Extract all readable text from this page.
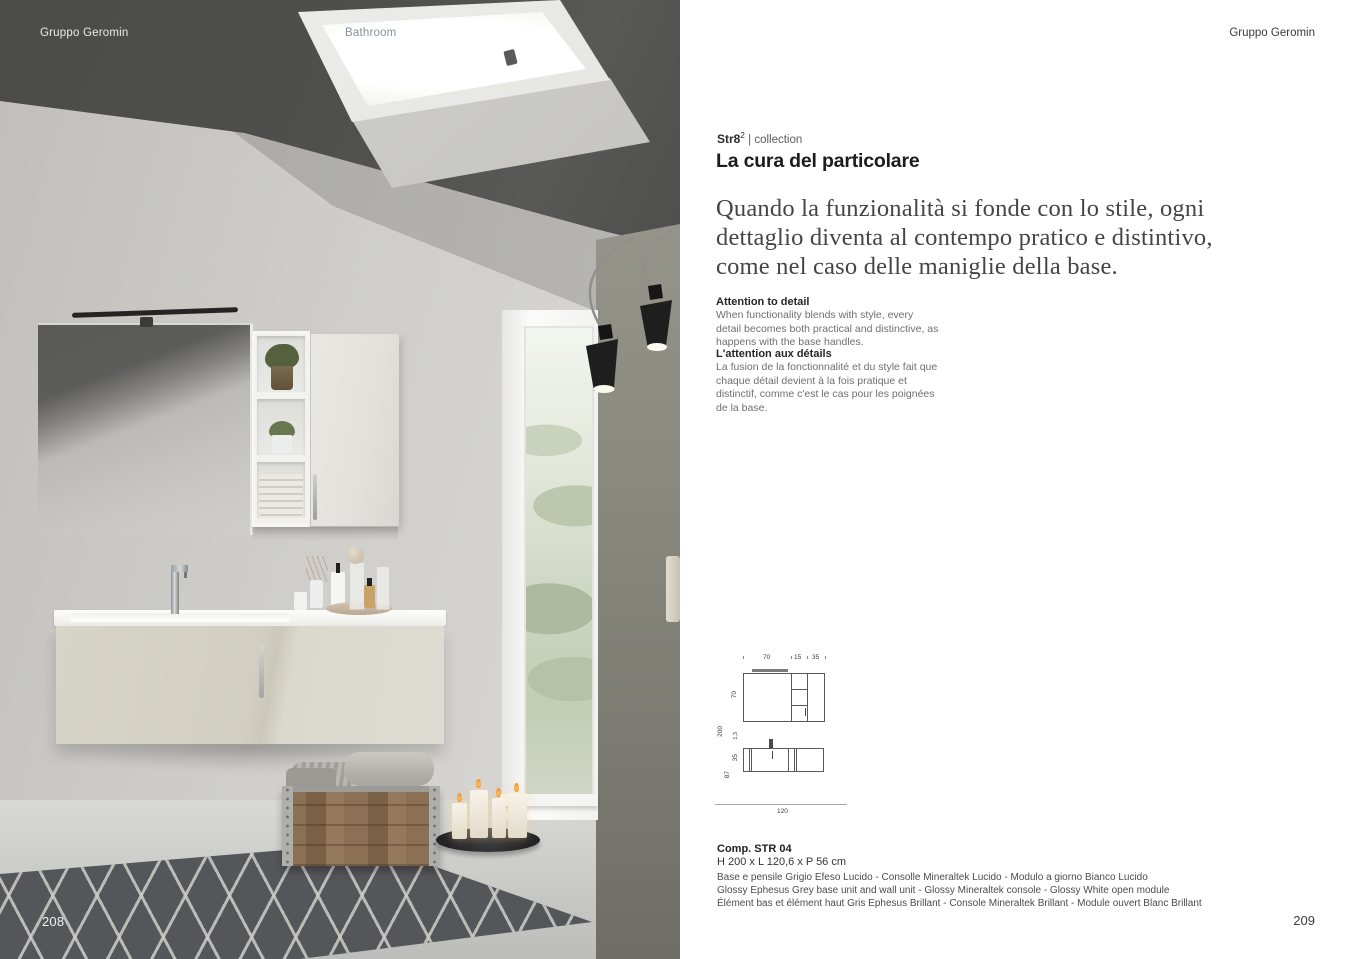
Gruppo Geromin	Bathroom
208
Gruppo Geromin
$Str8^2$ | collection
La cura del particolare
Quando la funzionalità si fonde con lo stile, ogni
dettaglio diventa al contempo pratico e distintivo,
come nel caso delle maniglie della base.

Attention to detail

When functionality blends with style, every detail becomes both practical and distinctive, as happens with the base handles.

L'attention aux détails

La fusion de la fonctionnalité et du style fait que chaque détail devient à la fois pratique et distinctif, comme c'est le cas pour les poignées de la base.

70	15 35
70
200 1,3
35
87
120

Comp. STR 04

H 200 x L 120,6 x P 56 cm

Base e pensile Grigio Efeso Lucido - Consolle Mineraltek Lucido - Modulo a giorno Bianco Lucido

Glossy Ephesus Grey base unit and wall unit - Glossy Mineraltek console - Glossy White open module

Élément bas et élément haut Gris Ephesus Brillant - Console Mineraltek Brillant - Module ouvert Blanc Brillant

209
